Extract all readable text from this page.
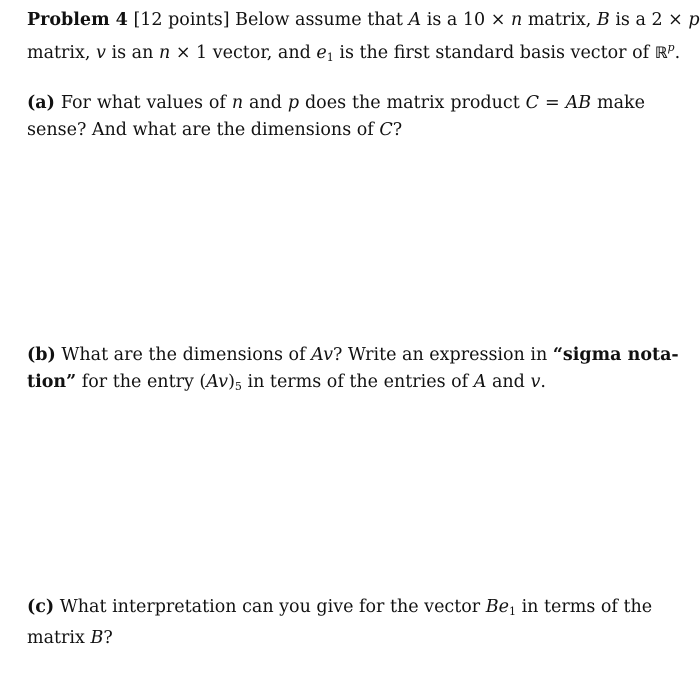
Problem 4 [12 points] Below assume that A is a 10 × n matrix, B is a 2 × p
matrix, v is an n × 1 vector, and $e_1$ is the first standard basis vector of ℝ$^p$.
(a) For what values of n and p does the matrix product C = AB make
sense? And what are the dimensions of C?
(b) What are the dimensions of Av? Write an expression in “sigma nota-
tion” for the entry $(Av)_5$ in terms of the entries of A and v.
(c) What interpretation can you give for the vector $Be_1$ in terms of the
matrix B?
